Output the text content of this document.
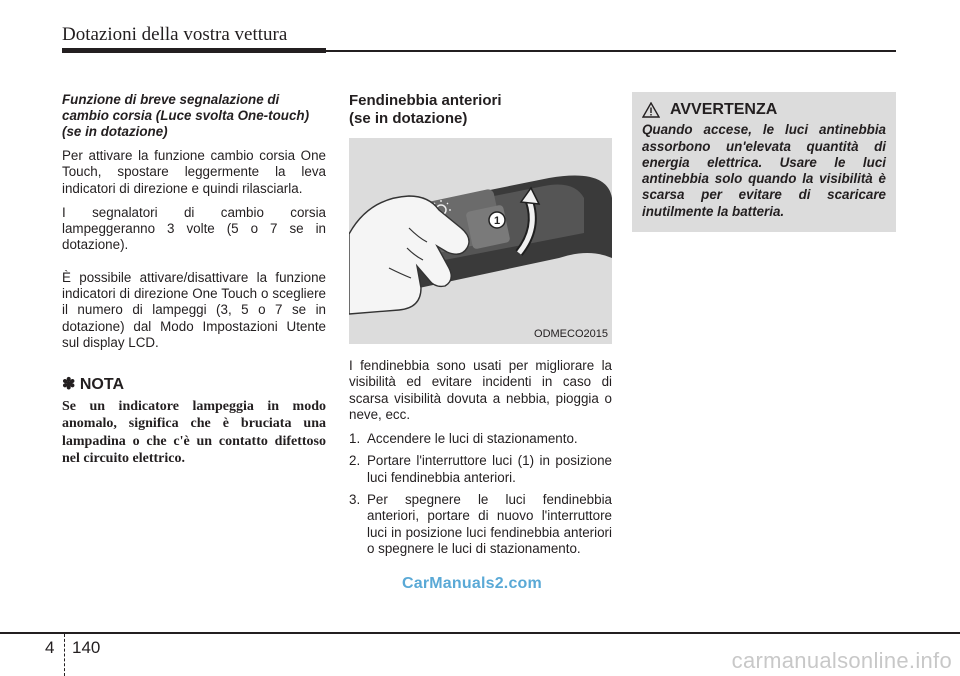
Dotazioni della vostra vettura

Funzione di breve segnalazione di cambio corsia (Luce svolta One-touch) (se in dotazione)

Per attivare la funzione cambio corsia One Touch, spostare leggermente la leva indicatori di direzione e quindi rilasciarla.

I segnalatori di cambio corsia lampeggeranno 3 volte (5 o 7 se in dotazione).

È possibile attivare/disattivare la funzione indicatori di direzione One Touch o scegliere il numero di lampeggi (3, 5 o 7 se in dotazione) dal Modo Impostazioni Utente sul display LCD.

✽ NOTA

Se un indicatore lampeggia in modo anomalo, significa che è bruciata una lampadina o che c'è un contatto difettoso nel circuito elettrico.

Fendinebbia anteriori
(se in dotazione)
1
ODMECO2015

I fendinebbia sono usati per migliorare la visibilità ed evitare incidenti in caso di scarsa visibilità dovuta a nebbia, pioggia o neve, ecc.

1. Accendere le luci di stazionamento.
2. Portare l'interruttore luci (1) in posizione luci fendinebbia anteriori.
3. Per spegnere le luci fendinebbia anteriori, portare di nuovo l'interruttore luci in posizione luci fendinebbia anteriori o spegnere le luci di stazionamento.
AVVERTENZA

Quando accese, le luci antinebbia assorbono un'elevata quantità di energia elettrica. Usare le luci antinebbia solo quando la visibilità è scarsa per evitare di scaricare inutilmente la batteria.

CarManuals2.com
4 140
carmanualsonline.info
